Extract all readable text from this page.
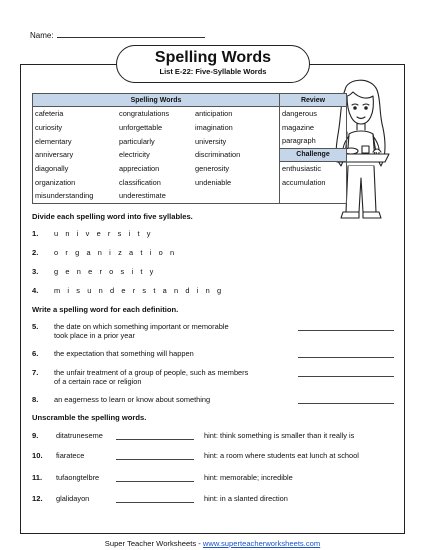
Name:
Spelling Words
List E-22: Five-Syllable Words
Spelling Words			Review
cafeteria	congratulations	anticipation	dangerous
curiosity	unforgettable	imagination	magazine
elementary	particularly	university	paragraph
anniversary	electricity	discrimination	Challenge
diagonally	appreciation	generosity	enthusiastic
organization	classification	undeniable	accumulation
misunderstanding	underestimate		
Divide each spelling word into five syllables.
1. u n i v e r s i t y
2. o r g a n i z a t i o n
3. g e n e r o s i t y
4. m i s u n d e r s t a n d i n g
Write a spelling word for each definition.
5. the date on which something important or memorable
took place in a prior year
6. the expectation that something will happen
7. the unfair treatment of a group of people, such as members
of a certain race or religion
8. an eagerness to learn or know about something
Unscramble the spelling words.
9. ditatruneseme	hint: think something is smaller than it really is
10. fiaratece	hint: a room where students eat lunch at school
11. tufaongtelbre	hint: memorable; incredible
12. glalidayon	hint: in a slanted direction
Super Teacher Worksheets - www.superteacherworksheets.com
